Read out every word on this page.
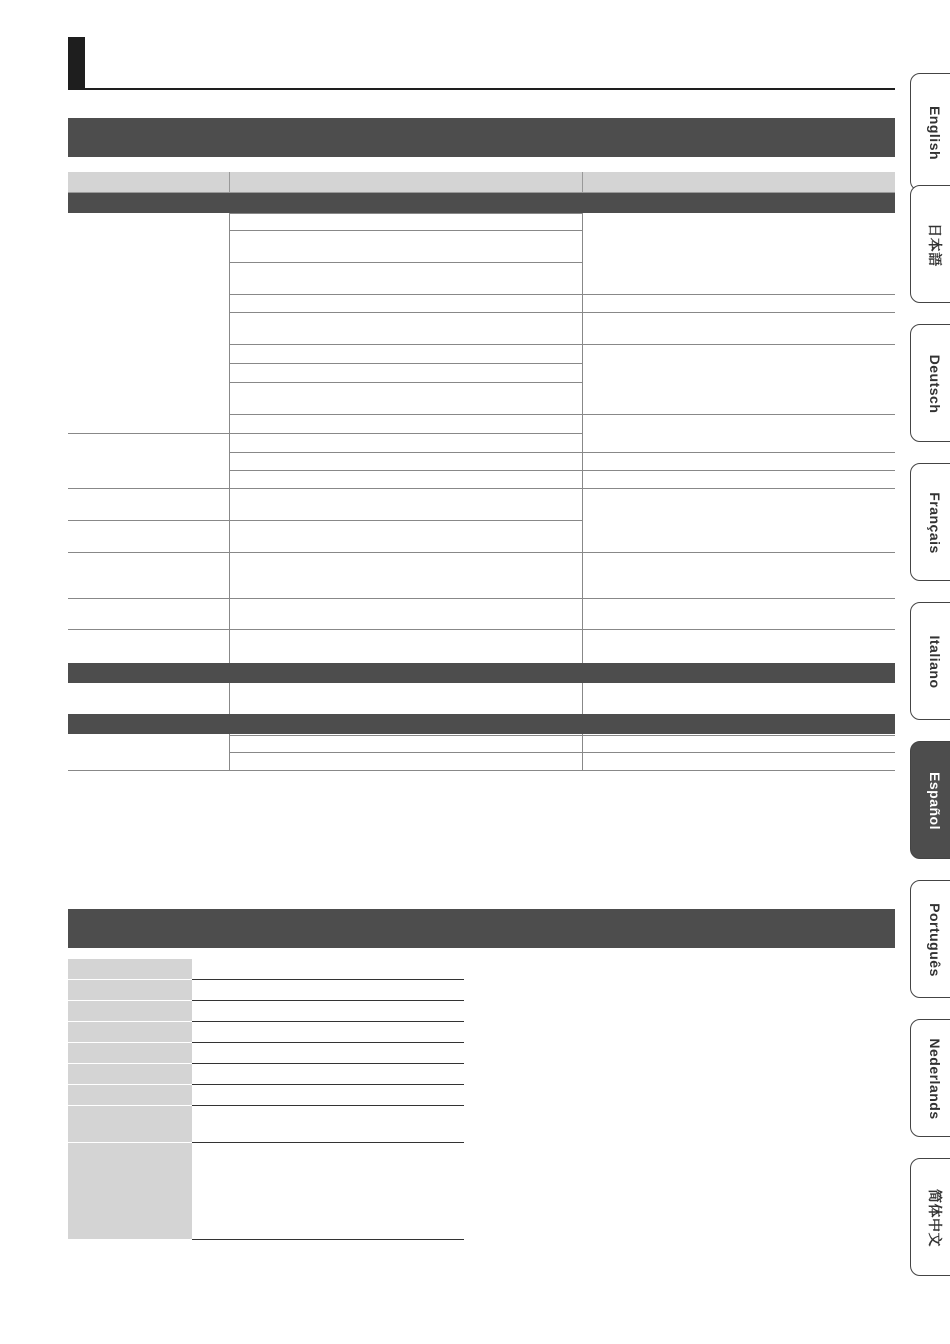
English
日本語
Deutsch
Français
Italiano
Español
Português
Nederlands
简体中文
